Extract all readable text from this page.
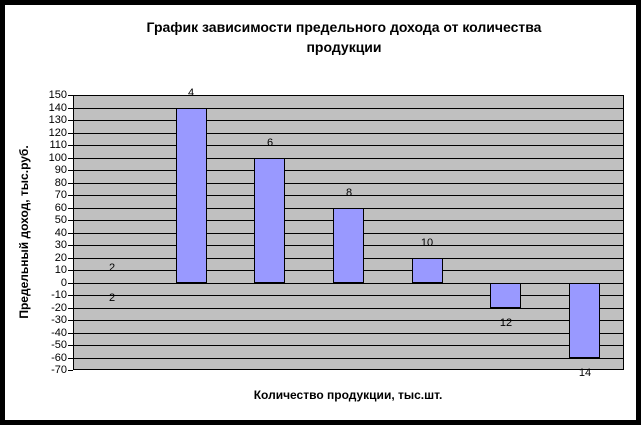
График зависимости предельного дохода от количества
продукции
150
140
130
120
110
100
90
80
70
60
50
40
30
20
10
0
-10
-20
-30
-40
-50
-60
-70
2
2
4
6
8
10
12
14
Предельный доход, тыс.руб.
Количество продукции, тыс.шт.
